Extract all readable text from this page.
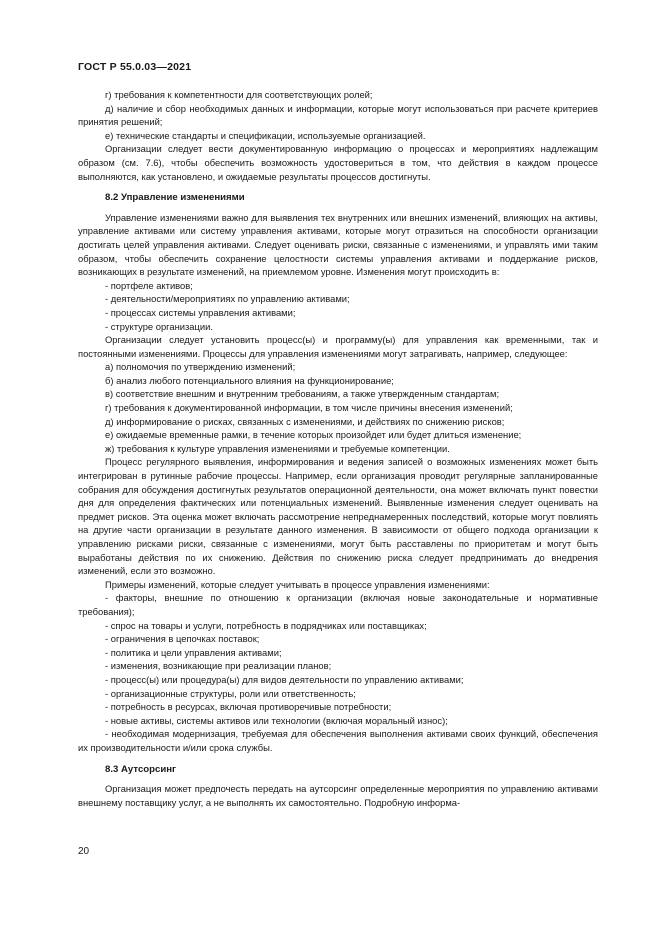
ГОСТ Р 55.0.03—2021

г) требования к компетентности для соответствующих ролей;

д) наличие и сбор необходимых данных и информации, которые могут использоваться при расчете критериев принятия решений;

е) технические стандарты и спецификации, используемые организацией.

Организации следует вести документированную информацию о процессах и мероприятиях надлежащим образом (см. 7.6), чтобы обеспечить возможность удостовериться в том, что действия в каждом процессе выполняются, как установлено, и ожидаемые результаты процессов достигнуты.

8.2 Управление изменениями

Управление изменениями важно для выявления тех внутренних или внешних изменений, влияющих на активы, управление активами или систему управления активами, которые могут отразиться на способности организации достигать целей управления активами. Следует оценивать риски, связанные с изменениями, и управлять ими таким образом, чтобы обеспечить сохранение целостности системы управления активами и поддержание рисков, возникающих в результате изменений, на приемлемом уровне. Изменения могут происходить в:

- портфеле активов;

- деятельности/мероприятиях по управлению активами;

- процессах системы управления активами;

- структуре организации.

Организации следует установить процесс(ы) и программу(ы) для управления как временными, так и постоянными изменениями. Процессы для управления изменениями могут затрагивать, например, следующее:

а) полномочия по утверждению изменений;

б) анализ любого потенциального влияния на функционирование;

в) соответствие внешним и внутренним требованиям, а также утвержденным стандартам;

г) требования к документированной информации, в том числе причины внесения изменений;

д) информирование о рисках, связанных с изменениями, и действиях по снижению рисков;

е) ожидаемые временные рамки, в течение которых произойдет или будет длиться изменение;

ж) требования к культуре управления изменениями и требуемые компетенции.

Процесс регулярного выявления, информирования и ведения записей о возможных изменениях может быть интегрирован в рутинные рабочие процессы. Например, если организация проводит регулярные запланированные собрания для обсуждения достигнутых результатов операционной деятельности, она может включать пункт повестки дня для определения фактических или потенциальных изменений. Выявленные изменения следует оценивать на предмет рисков. Эта оценка может включать рассмотрение непреднамеренных последствий, которые могут повлиять на другие части организации в результате данного изменения. В зависимости от общего подхода организации к управлению рисками риски, связанные с изменениями, могут быть расставлены по приоритетам и могут быть выработаны действия по их снижению. Действия по снижению риска следует предпринимать до внедрения изменений, если это возможно.

Примеры изменений, которые следует учитывать в процессе управления изменениями:

- факторы, внешние по отношению к организации (включая новые законодательные и нормативные требования);

- спрос на товары и услуги, потребность в подрядчиках или поставщиках;

- ограничения в цепочках поставок;

- политика и цели управления активами;

- изменения, возникающие при реализации планов;

- процесс(ы) или процедура(ы) для видов деятельности по управлению активами;

- организационные структуры, роли или ответственность;

- потребность в ресурсах, включая противоречивые потребности;

- новые активы, системы активов или технологии (включая моральный износ);

- необходимая модернизация, требуемая для обеспечения выполнения активами своих функций, обеспечения их производительности и/или срока службы.

8.3 Аутсорсинг

Организация может предпочесть передать на аутсорсинг определенные мероприятия по управлению активами внешнему поставщику услуг, а не выполнять их самостоятельно. Подробную информа-

20
